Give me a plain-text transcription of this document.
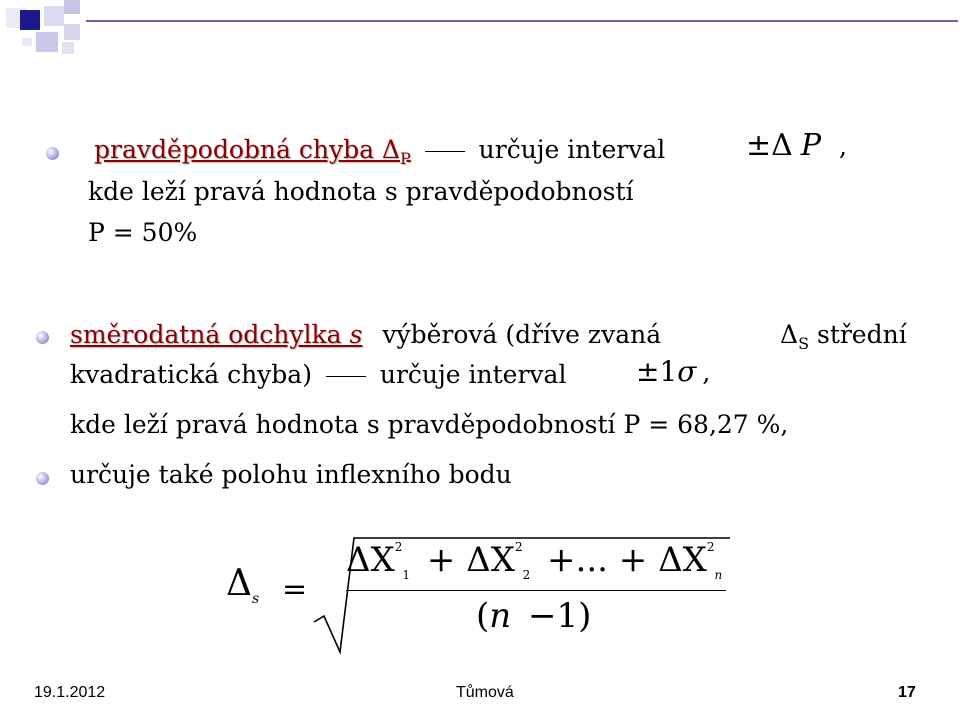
pravděpodobná chyba $\Delta_P$	určuje interval	±Δ P ,
kde leží pravá hodnota s pravděpodobností
P = 50%
směrodatná odchylka s výběrová (dříve zvaná	$\Delta_S$ střední
kvadratická chyba)	určuje interval ±1σ ,
kde leží pravá hodnota s pravděpodobností P = 68,27 %,
určuje také polohu inflexního bodu
$\Delta_s$ =
$\Delta X^2_1 + \Delta X^2_2$ +... + $\Delta X^2_n$
(n −1)
19.1.2012	Tůmová	17
